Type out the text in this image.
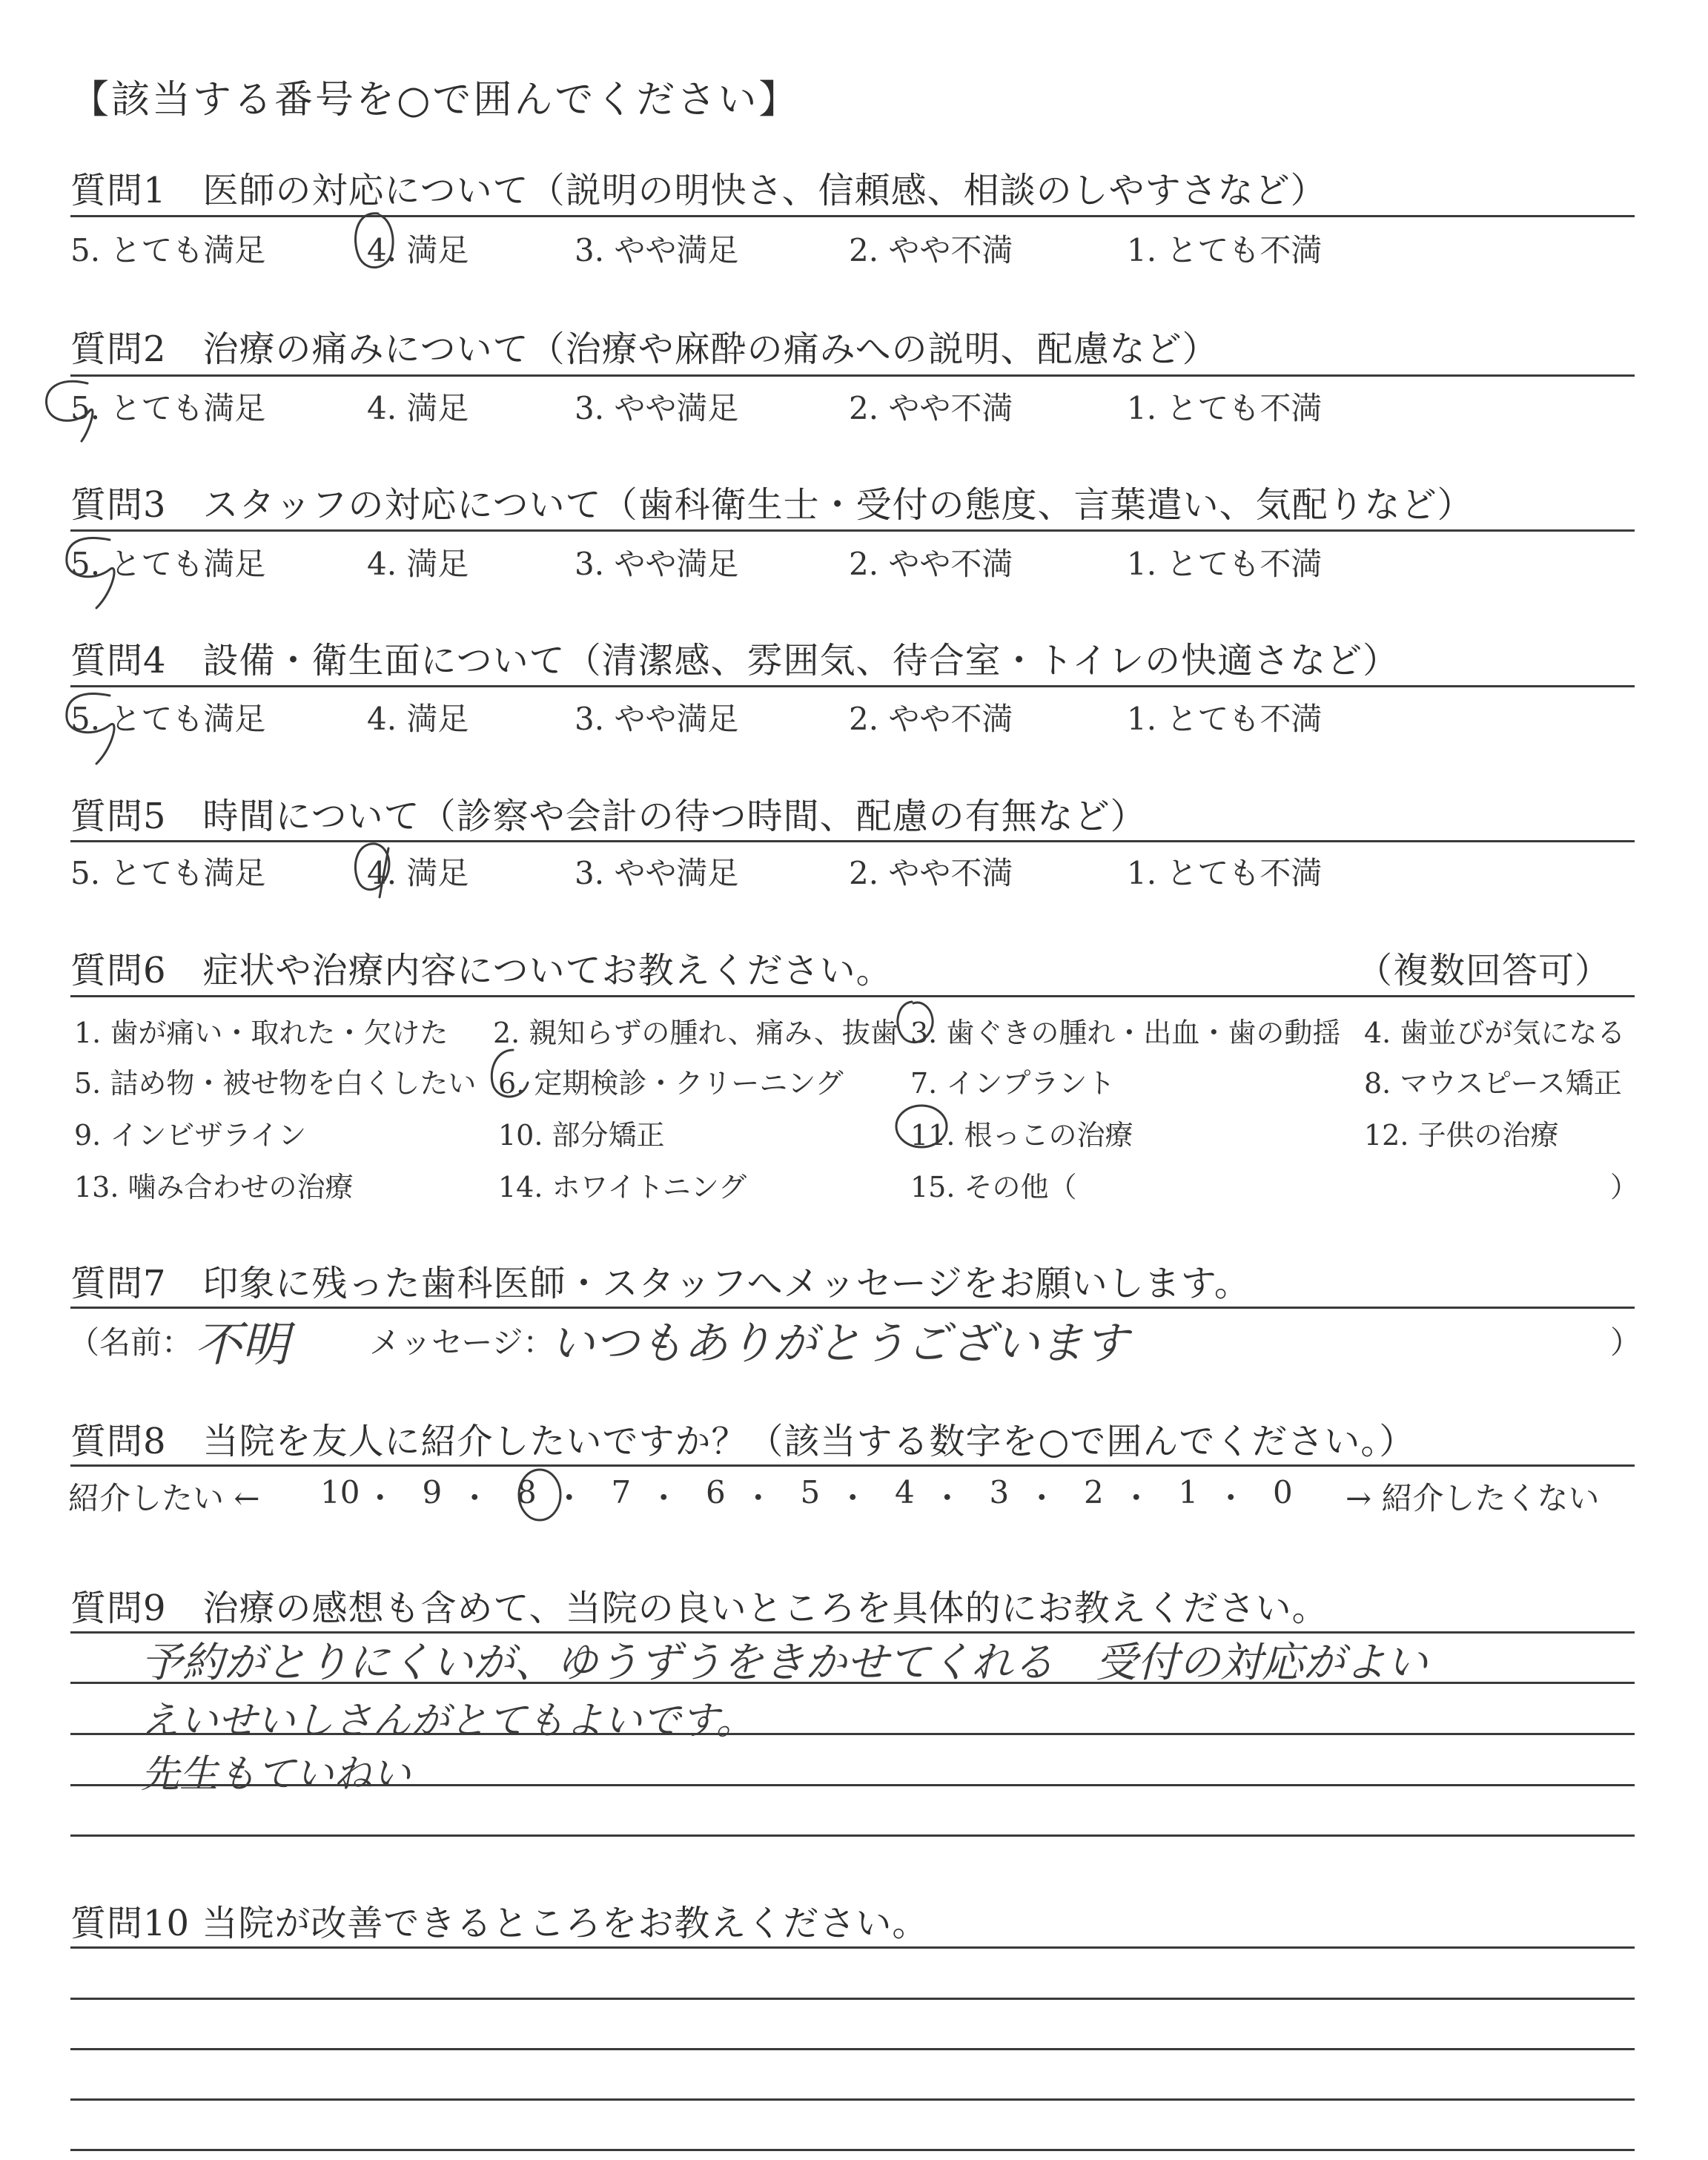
【該当する番号を○で囲んでください】
質問1　医師の対応について（説明の明快さ、信頼感、相談のしやすさなど）
5. とても満足	4. 満足	3. やや満足	2. やや不満	1. とても不満
質問2　治療の痛みについて（治療や麻酔の痛みへの説明、配慮など）
5. とても満足	4. 満足	3. やや満足	2. やや不満	1. とても不満
質問3　スタッフの対応について（歯科衛生士・受付の態度、言葉遣い、気配りなど）
5. とても満足	4. 満足	3. やや満足	2. やや不満	1. とても不満
質問4　設備・衛生面について（清潔感、雰囲気、待合室・トイレの快適さなど）
5. とても満足	4. 満足	3. やや満足	2. やや不満	1. とても不満
質問5　時間について（診察や会計の待つ時間、配慮の有無など）
5. とても満足	4. 満足	3. やや満足	2. やや不満	1. とても不満
質問6　症状や治療内容についてお教えください。	（複数回答可）
1. 歯が痛い・取れた・欠けた 2. 親知らずの腫れ、痛み、抜歯 3. 歯ぐきの腫れ・出血・歯の動揺 4. 歯並びが気になる
5. 詰め物・被せ物を白くしたい 6. 定期検診・クリーニング 7. インプラント	8. マウスピース矯正
9. インビザライン	10. 部分矯正	11. 根っこの治療	12. 子供の治療
13. 噛み合わせの治療	14. ホワイトニング	15. その他（	）
質問7　印象に残った歯科医師・スタッフへメッセージをお願いします。
（名前： 不明	メッセージ：
いつもありがとうございます	）
質問8　当院を友人に紹介したいですか？（該当する数字を○で囲んでください。）
紹介したい ← 10 ・ 9 ・ 8 ・ 7 ・ 6 ・ 5 ・ 4 ・ 3 ・ 2 ・ 1 ・ 0 → 紹介したくない
質問9　治療の感想も含めて、当院の良いところを具体的にお教えください。
予約がとりにくいが、ゆうずうをきかせてくれる　受付の対応がよい
えいせいしさんがとてもよいです。
先生もていねい
質問10 当院が改善できるところをお教えください。
